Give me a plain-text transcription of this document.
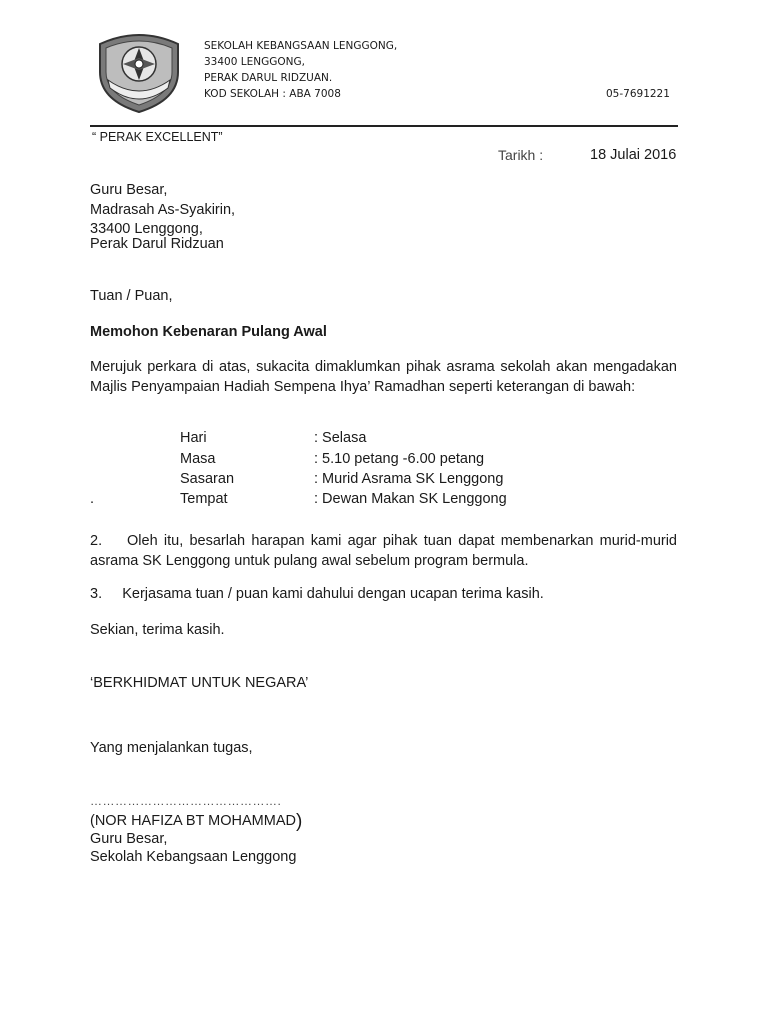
SEKOLAH KEBANGSAAN LENGGONG,
33400 LENGGONG,
PERAK DARUL RIDZUAN.
KOD SEKOLAH : ABA 7008	05-7691221
“ PERAK EXCELLENT”
Tarikh :	18 Julai 2016
Guru Besar,
Madrasah As-Syakirin,
33400 Lenggong,
Perak Darul Ridzuan
Tuan / Puan,
Memohon Kebenaran Pulang Awal
Merujuk perkara di atas, sukacita dimaklumkan pihak asrama sekolah akan mengadakan Majlis Penyampaian Hadiah Sempena Ihya’ Ramadhan seperti keterangan di bawah:
Hari	: Selasa
Masa	: 5.10 petang -6.00 petang
Sasaran	: Murid Asrama SK Lenggong
.	Tempat	: Dewan Makan SK Lenggong
2.    Oleh itu, besarlah harapan kami agar pihak tuan dapat membenarkan murid-murid asrama SK Lenggong untuk pulang awal sebelum program bermula.
3.     Kerjasama tuan / puan kami dahului dengan ucapan terima kasih.
Sekian, terima kasih.
‘BERKHIDMAT UNTUK NEGARA’
Yang menjalankan tugas,
……………………………………….
(NOR HAFIZA BT MOHAMMAD)
Guru Besar,
Sekolah Kebangsaan Lenggong
